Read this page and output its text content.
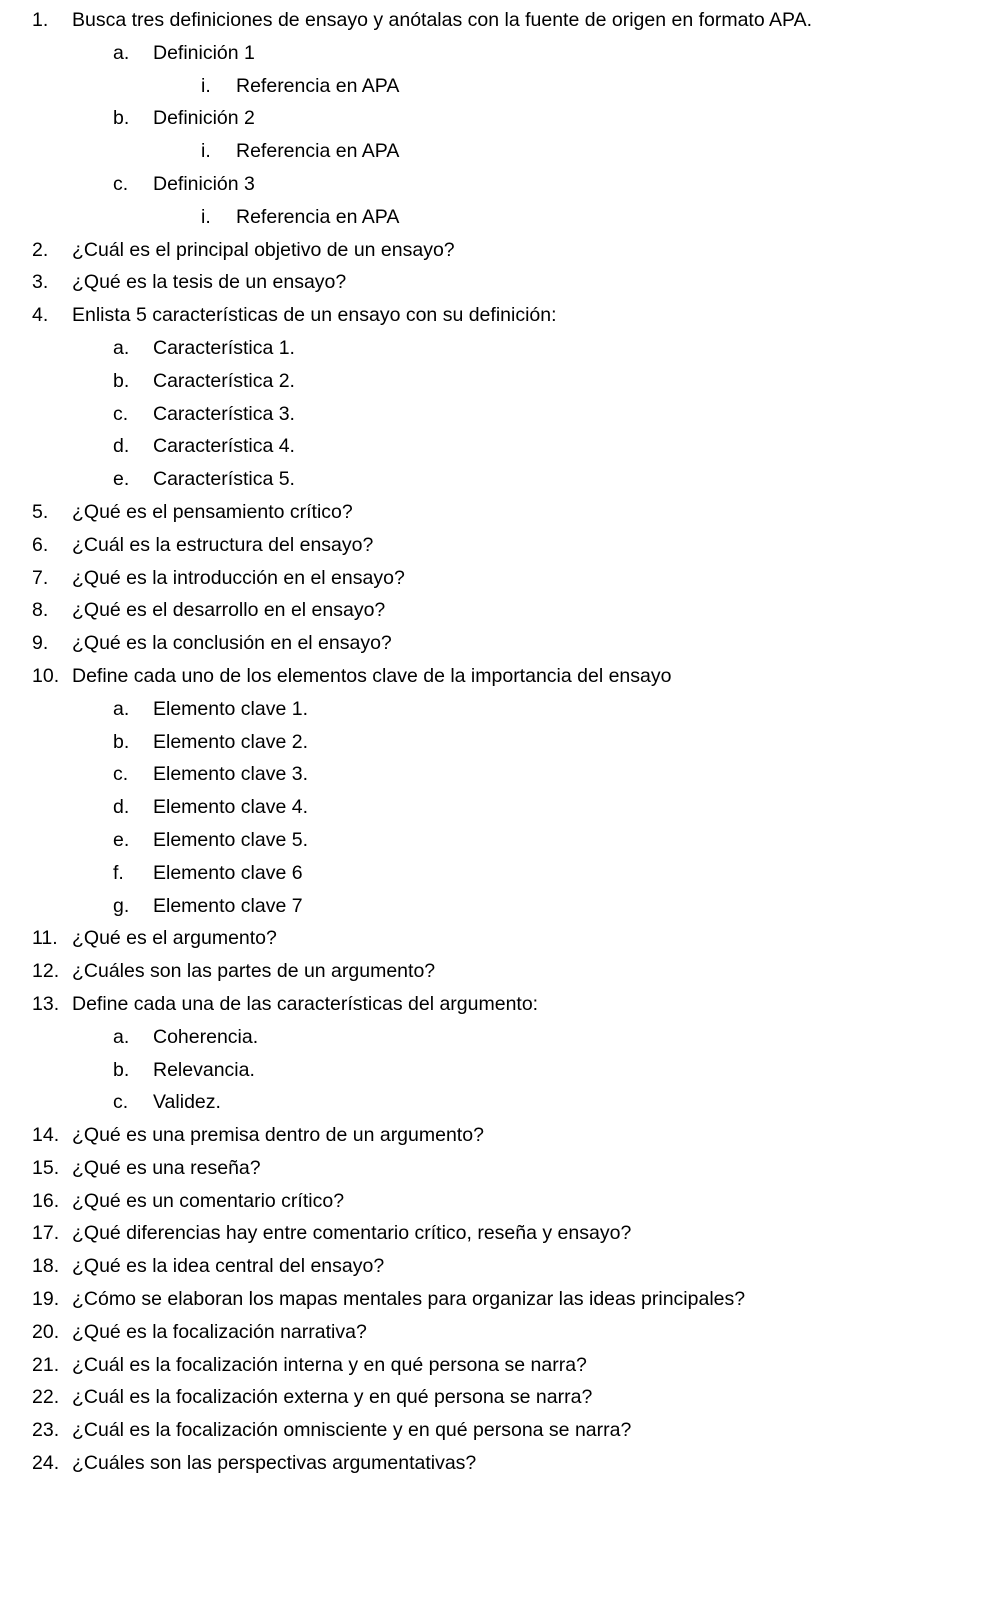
1. Busca tres definiciones de ensayo y anótalas con la fuente de origen en formato APA.
a. Definición 1
i. Referencia en APA
b. Definición 2
i. Referencia en APA
c. Definición 3
i. Referencia en APA
2. ¿Cuál es el principal objetivo de un ensayo?
3. ¿Qué es la tesis de un ensayo?
4. Enlista 5 características de un ensayo con su definición:
a. Característica 1.
b. Característica 2.
c. Característica 3.
d. Característica 4.
e. Característica 5.
5. ¿Qué es el pensamiento crítico?
6. ¿Cuál es la estructura del ensayo?
7. ¿Qué es la introducción en el ensayo?
8. ¿Qué es el desarrollo en el ensayo?
9. ¿Qué es la conclusión en el ensayo?
10. Define cada uno de los elementos clave de la importancia del ensayo
a. Elemento clave 1.
b. Elemento clave 2.
c. Elemento clave 3.
d. Elemento clave 4.
e. Elemento clave 5.
f. Elemento clave 6
g. Elemento clave 7
11. ¿Qué es el argumento?
12. ¿Cuáles son las partes de un argumento?
13. Define cada una de las características del argumento:
a. Coherencia.
b. Relevancia.
c. Validez.
14. ¿Qué es una premisa dentro de un argumento?
15. ¿Qué es una reseña?
16. ¿Qué es un comentario crítico?
17. ¿Qué diferencias hay entre comentario crítico, reseña y ensayo?
18. ¿Qué es la idea central del ensayo?
19. ¿Cómo se elaboran los mapas mentales para organizar las ideas principales?
20. ¿Qué es la focalización narrativa?
21. ¿Cuál es la focalización interna y en qué persona se narra?
22. ¿Cuál es la focalización externa y en qué persona se narra?
23. ¿Cuál es la focalización omnisciente y en qué persona se narra?
24. ¿Cuáles son las perspectivas argumentativas?
